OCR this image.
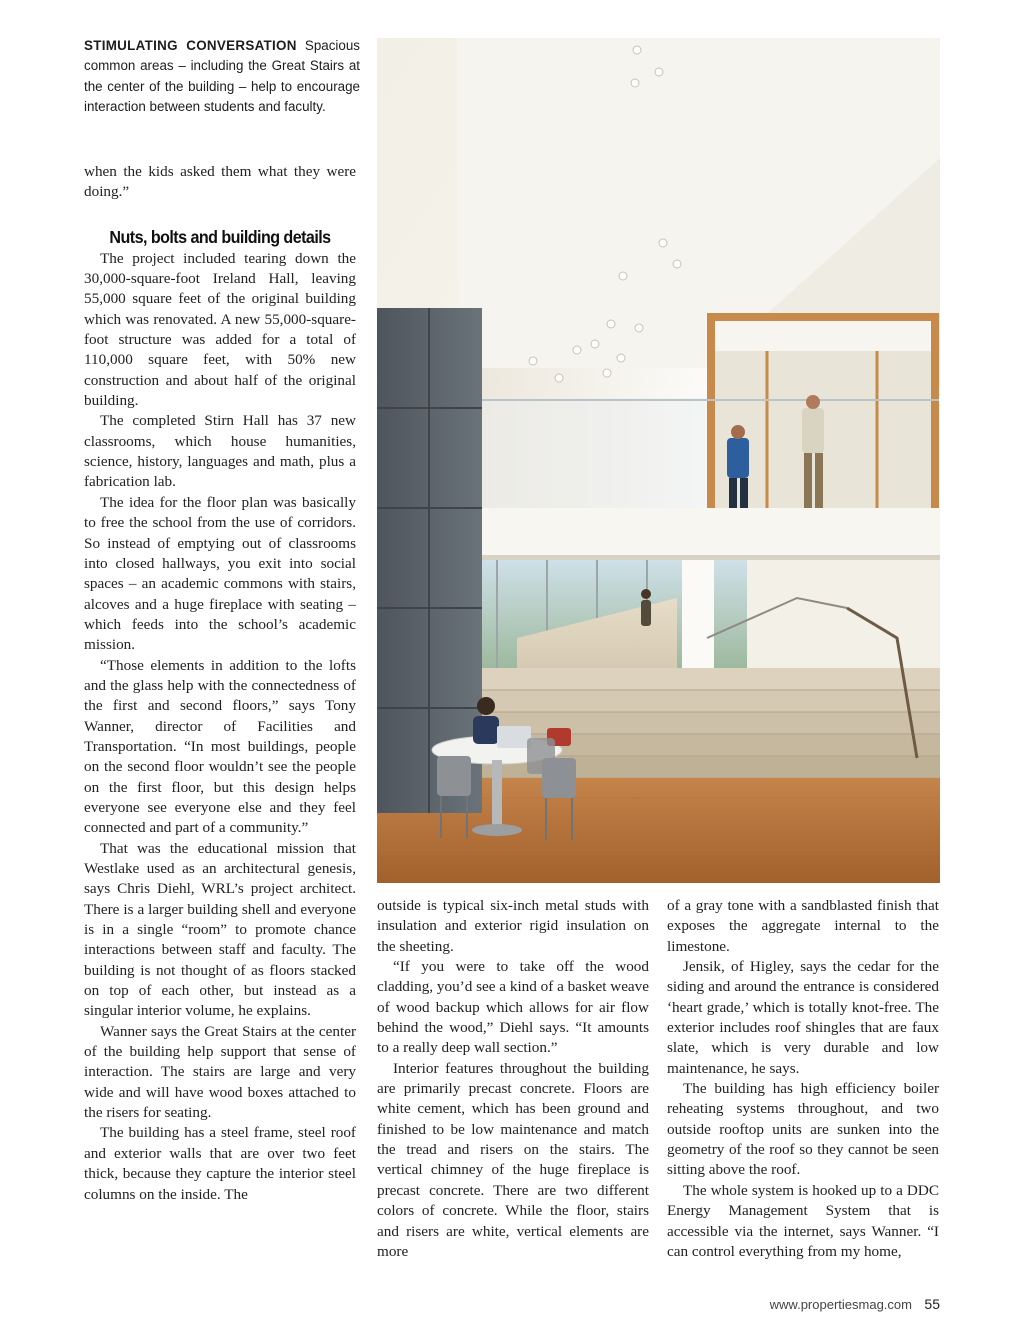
STIMULATING CONVERSATION Spacious common areas – including the Great Stairs at the center of the building – help to encourage interaction between students and faculty.

when the kids asked them what they were doing.”

Nuts, bolts and building details

The project included tearing down the 30,000-square-foot Ireland Hall, leaving 55,000 square feet of the original building which was renovated. A new 55,000-square-foot structure was added for a total of 110,000 square feet, with 50% new construction and about half of the original building.

The completed Stirn Hall has 37 new classrooms, which house humanities, science, history, languages and math, plus a fabrication lab.

The idea for the floor plan was basically to free the school from the use of corridors. So instead of emptying out of classrooms into closed hallways, you exit into social spaces – an academic commons with stairs, alcoves and a huge fireplace with seating – which feeds into the school’s academic mission.

“Those elements in addition to the lofts and the glass help with the connectedness of the first and second floors,” says Tony Wanner, director of Facilities and Transportation. “In most buildings, people on the second floor wouldn’t see the people on the first floor, but this design helps everyone see everyone else and they feel connected and part of a community.”

That was the educational mission that Westlake used as an architectural genesis, says Chris Diehl, WRL’s project architect. There is a larger building shell and everyone is in a single “room” to promote chance interactions between staff and faculty. The building is not thought of as floors stacked on top of each other, but instead as a singular interior volume, he explains.

Wanner says the Great Stairs at the center of the building help support that sense of interaction. The stairs are large and very wide and will have wood boxes attached to the risers for seating.

The building has a steel frame, steel roof and exterior walls that are over two feet thick, because they capture the interior steel columns on the inside. The

outside is typical six-inch metal studs with insulation and exterior rigid insulation on the sheeting.

“If you were to take off the wood cladding, you’d see a kind of a basket weave of wood backup which allows for air flow behind the wood,” Diehl says. “It amounts to a really deep wall section.”

Interior features throughout the building are primarily precast concrete. Floors are white cement, which has been ground and finished to be low maintenance and match the tread and risers on the stairs. The vertical chimney of the huge fireplace is precast concrete. There are two different colors of concrete. While the floor, stairs and risers are white, vertical elements are more

of a gray tone with a sandblasted finish that exposes the aggregate internal to the limestone.

Jensik, of Higley, says the cedar for the siding and around the entrance is considered ‘heart grade,’ which is totally knot-free. The exterior includes roof shingles that are faux slate, which is very durable and low maintenance, he says.

The building has high efficiency boiler reheating systems throughout, and two outside rooftop units are sunken into the geometry of the roof so they cannot be seen sitting above the roof.

The whole system is hooked up to a DDC Energy Management System that is accessible via the internet, says Wanner. “I can control everything from my home,

www.propertiesmag.com 55
